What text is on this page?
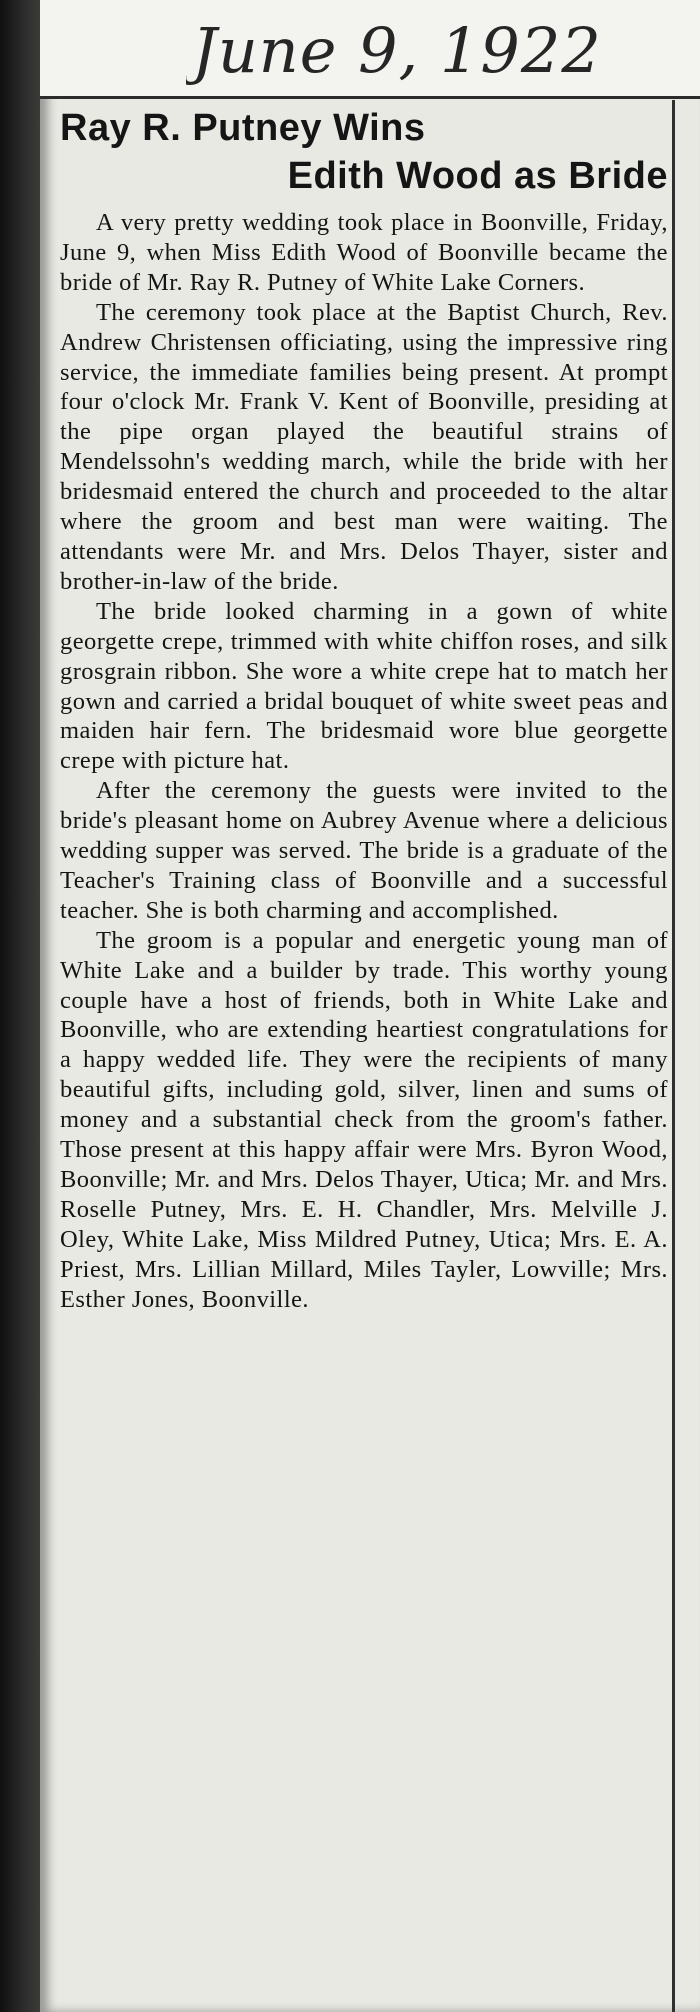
June 9, 1922
Ray R. Putney Wins
Edith Wood as Bride

A very pretty wedding took place in Boonville, Friday, June 9, when Miss Edith Wood of Boonville became the bride of Mr. Ray R. Putney of White Lake Corners.

The ceremony took place at the Baptist Church, Rev. Andrew Christensen officiating, using the impressive ring service, the immediate families being present. At prompt four o'clock Mr. Frank V. Kent of Boonville, presiding at the pipe organ played the beautiful strains of Mendelssohn's wedding march, while the bride with her bridesmaid entered the church and proceeded to the altar where the groom and best man were waiting. The attendants were Mr. and Mrs. Delos Thayer, sister and brother-in-law of the bride.

The bride looked charming in a gown of white georgette crepe, trimmed with white chiffon roses, and silk grosgrain ribbon. She wore a white crepe hat to match her gown and carried a bridal bouquet of white sweet peas and maiden hair fern. The bridesmaid wore blue georgette crepe with picture hat.

After the ceremony the guests were invited to the bride's pleasant home on Aubrey Avenue where a delicious wedding supper was served. The bride is a graduate of the Teacher's Training class of Boonville and a successful teacher. She is both charming and accomplished.

The groom is a popular and energetic young man of White Lake and a builder by trade. This worthy young couple have a host of friends, both in White Lake and Boonville, who are extending heartiest congratulations for a happy wedded life. They were the recipients of many beautiful gifts, including gold, silver, linen and sums of money and a substantial check from the groom's father. Those present at this happy affair were Mrs. Byron Wood, Boonville; Mr. and Mrs. Delos Thayer, Utica; Mr. and Mrs. Roselle Putney, Mrs. E. H. Chandler, Mrs. Melville J. Oley, White Lake, Miss Mildred Putney, Utica; Mrs. E. A. Priest, Mrs. Lillian Millard, Miles Tayler, Lowville; Mrs. Esther Jones, Boonville.
